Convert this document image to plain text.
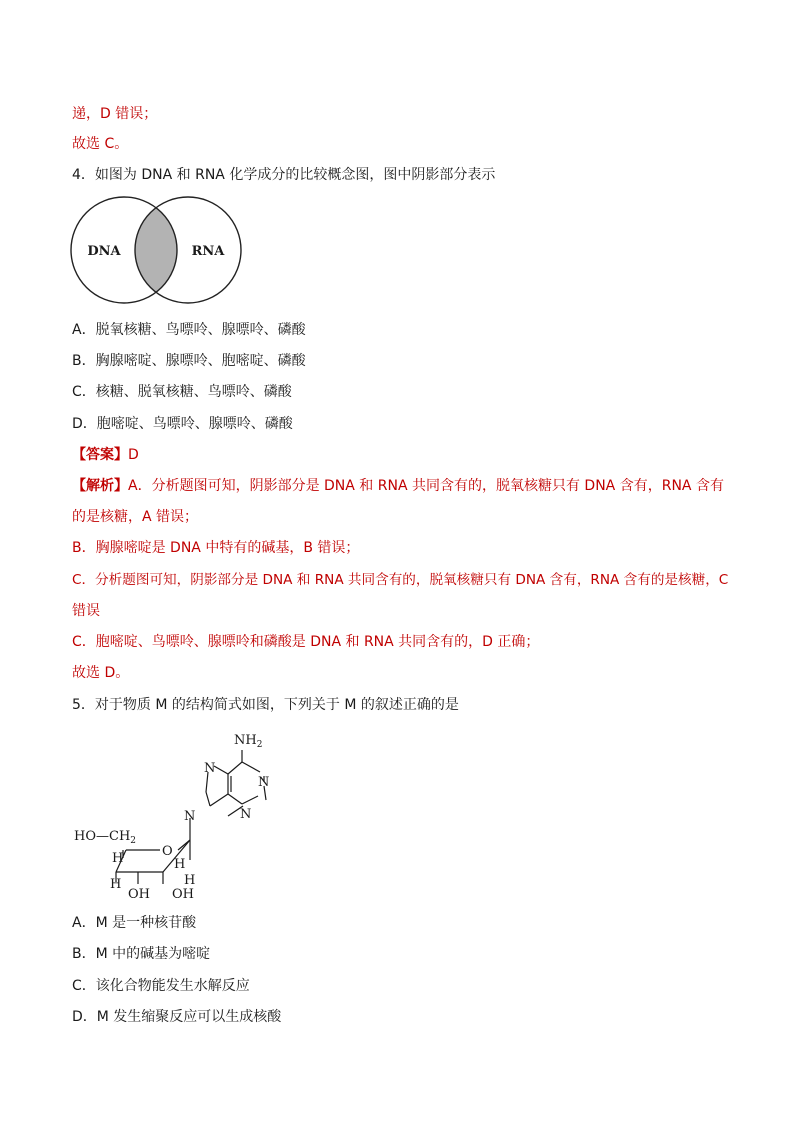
递，D 错误；
故选 C。
4．如图为 DNA 和 RNA 化学成分的比较概念图，图中阴影部分表示
DNA	RNA
A．脱氧核糖、鸟嘌呤、腺嘌呤、磷酸
B．胸腺嘧啶、腺嘌呤、胞嘧啶、磷酸
C．核糖、脱氧核糖、鸟嘌呤、磷酸
D．胞嘧啶、鸟嘌呤、腺嘌呤、磷酸
【答案】D
【解析】A．分析题图可知，阴影部分是 DNA 和 RNA 共同含有的，脱氧核糖只有 DNA 含有，RNA 含有
的是核糖，A 错误；
B．胸腺嘧啶是 DNA 中特有的碱基，B 错误；
C．分析题图可知，阴影部分是 DNA 和 RNA 共同含有的，脱氧核糖只有 DNA 含有，RNA 含有的是核糖，C
错误
C．胞嘧啶、鸟嘌呤、腺嘌呤和磷酸是 DNA 和 RNA 共同含有的，D 正确；
故选 D。
5．对于物质 M 的结构简式如图，下列关于 M 的叙述正确的是
$NH_2$
N
N
N
N
$HO—CH_2$
O
H	H
H	H
OH OH
A．M 是一种核苷酸
B．M 中的碱基为嘧啶
C．该化合物能发生水解反应
D．M 发生缩聚反应可以生成核酸
